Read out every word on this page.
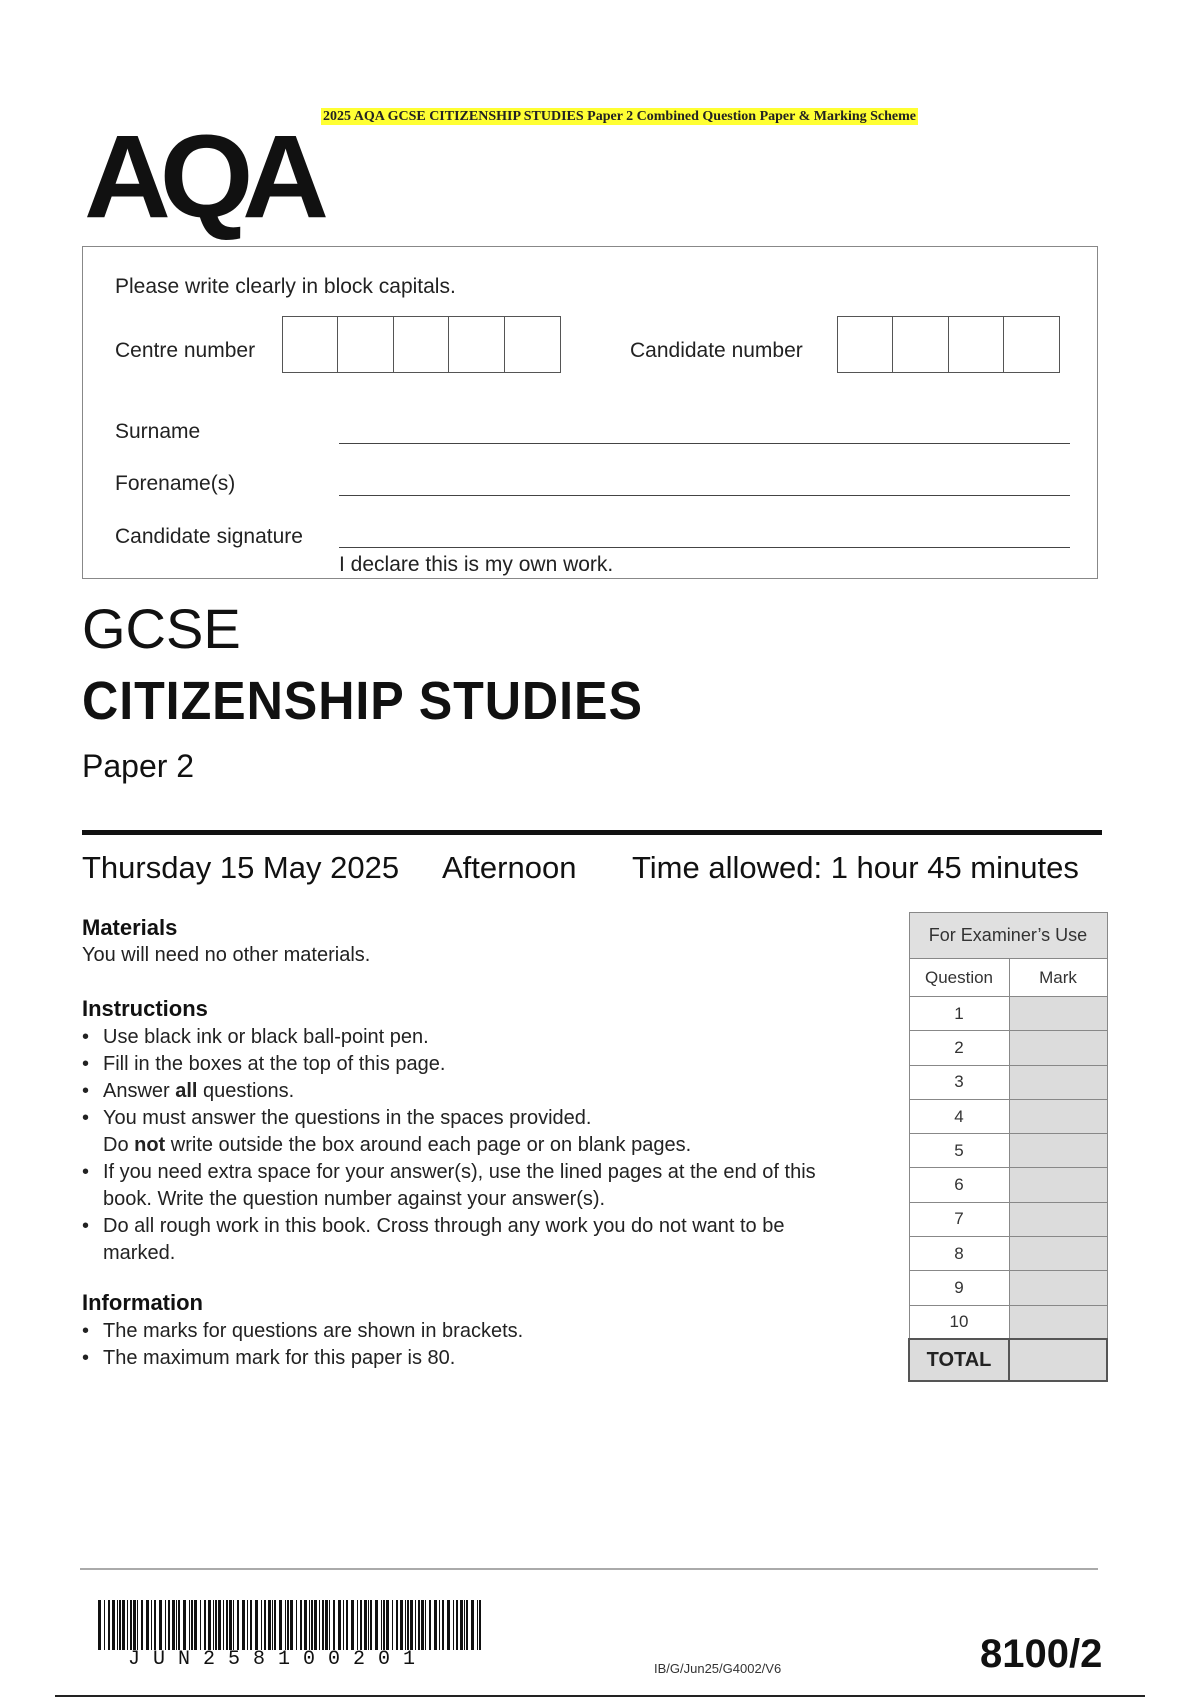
2025 AQA GCSE CITIZENSHIP STUDIES Paper 2 Combined Question Paper & Marking Scheme
AQA
Please write clearly in block capitals.
Centre number	Candidate number
Surname
Forename(s)
Candidate signature
I declare this is my own work.
GCSE
CITIZENSHIP STUDIES
Paper 2
Thursday 15 May 2025 Afternoon Time allowed: 1 hour 45 minutes
Materials
You will need no other materials.
Instructions
• Use black ink or black ball-point pen.
• Fill in the boxes at the top of this page.
• Answer all questions.
• You must answer the questions in the spaces provided.
Do not write outside the box around each page or on blank pages.
• If you need extra space for your answer(s), use the lined pages at the end of this book. Write the question number against your answer(s).
• Do all rough work in this book. Cross through any work you do not want to be marked.
Information
• The marks for questions are shown in brackets.
• The maximum mark for this paper is 80.
For Examiner’s Use	
Question	Mark
1	
2	
3	
4	
5	
6	
7	
8	
9	
10	
TOTAL	
JUN258100201	IB/G/Jun25/G4002/V6	8100/2
